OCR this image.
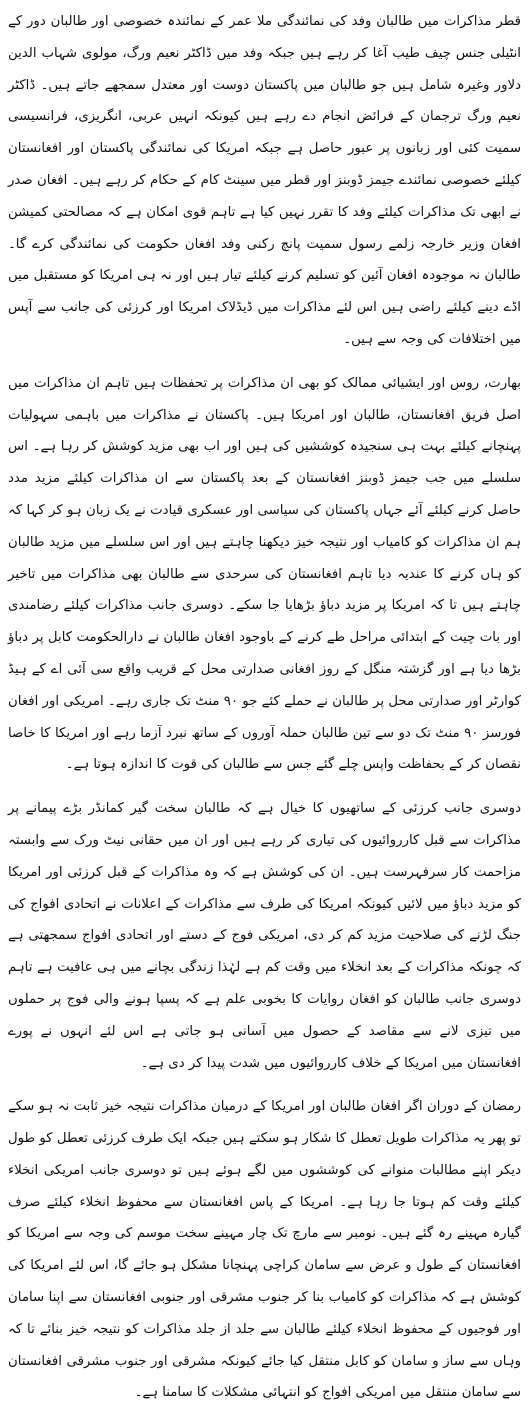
قطر مذاکرات میں طالبان وفد کی نمائندگی ملا عمر کے نمائندہ خصوصی اور طالبان دور کے انٹیلی جنس چیف طیب آغا کر رہے ہیں جبکہ وفد میں ڈاکٹر نعیم ورگ، مولوی شہاب الدین دلاور وغیرہ شامل ہیں جو طالبان میں پاکستان دوست اور معتدل سمجھے جاتے ہیں۔ ڈاکٹر نعیم ورگ ترجمان کے فرائض انجام دے رہے ہیں کیونکہ انہیں عربی، انگریزی، فرانسیسی سمیت کئی اور زبانوں پر عبور حاصل ہے جبکہ امریکا کی نمائندگی پاکستان اور افغانستان کیلئے خصوصی نمائندے جیمز ڈوبنز اور قطر میں سینٹ کام کے حکام کر رہے ہیں۔ افغان صدر نے ابھی تک مذاکرات کیلئے وفد کا تقرر نہیں کیا ہے تاہم قوی امکان ہے کہ مصالحتی کمیشن افغان وزیر خارجہ زلمے رسول سمیت پانچ رکنی وفد افغان حکومت کی نمائندگی کرے گا۔ طالبان نہ موجودہ افغان آئین کو تسلیم کرنے کیلئے تیار ہیں اور نہ ہی امریکا کو مستقبل میں اڈے دینے کیلئے راضی ہیں اس لئے مذاکرات میں ڈیڈلاک امریکا اور کرزئی کی جانب سے آپس میں اختلافات کی وجہ سے ہیں۔

بھارت، روس اور ایشیائی ممالک کو بھی ان مذاکرات پر تحفظات ہیں تاہم ان مذاکرات میں اصل فریق افغانستان، طالبان اور امریکا ہیں۔ پاکستان نے مذاکرات میں باہمی سہولیات پہنچانے کیلئے بہت ہی سنجیدہ کوششیں کی ہیں اور اب بھی مزید کوشش کر رہا ہے۔ اس سلسلے میں جب جیمز ڈوبنز افغانستان کے بعد پاکستان سے ان مذاکرات کیلئے مزید مدد حاصل کرنے کیلئے آئے جہاں پاکستان کی سیاسی اور عسکری قیادت نے یک زبان ہو کر کہا کہ ہم ان مذاکرات کو کامیاب اور نتیجہ خیز دیکھنا چاہتے ہیں اور اس سلسلے میں مزید طالبان کو ہاں کرنے کا عندیہ دیا تاہم افغانستان کی سرحدی سے طالبان بھی مذاکرات میں تاخیر چاہتے ہیں تا کہ امریکا پر مزید دباؤ بڑھایا جا سکے۔ دوسری جانب مذاکرات کیلئے رضامندی اور بات چیت کے ابتدائی مراحل طے کرنے کے باوجود افغان طالبان نے دارالحکومت کابل پر دباؤ بڑھا دیا ہے اور گزشتہ منگل کے روز افغانی صدارتی محل کے قریب واقع سی آئی اے کے ہیڈ کوارٹر اور صدارتی محل پر طالبان نے حملے کئے جو ۹۰ منٹ تک جاری رہے۔ امریکی اور افغان فورسز ۹۰ منٹ تک دو سے تین طالبان حملہ آوروں کے ساتھ نبرد آزما رہے اور امریکا کا خاصا نقصان کر کے بحفاظت واپس چلے گئے جس سے طالبان کی قوت کا اندازہ ہوتا ہے۔

دوسری جانب کرزئی کے ساتھیوں کا خیال ہے کہ طالبان سخت گیر کمانڈر بڑے پیمانے پر مذاکرات سے قبل کارروائیوں کی تیاری کر رہے ہیں اور ان میں حقانی نیٹ ورک سے وابستہ مزاحمت کار سرفہرست ہیں۔ ان کی کوشش ہے کہ وہ مذاکرات کے قبل کرزئی اور امریکا کو مزید دباؤ میں لائیں کیونکہ امریکا کی طرف سے مذاکرات کے اعلانات نے اتحادی افواج کی جنگ لڑنے کی صلاحیت مزید کم کر دی، امریکی فوج کے دستے اور اتحادی افواج سمجھتی ہے کہ چونکہ مذاکرات کے بعد انخلاء میں وقت کم ہے لہٰذا زندگی بچانے میں ہی عافیت ہے تاہم دوسری جانب طالبان کو افغان روایات کا بخوبی علم ہے کہ پسپا ہونے والی فوج پر حملوں میں تیزی لانے سے مقاصد کے حصول میں آسانی ہو جاتی ہے اس لئے انہوں نے پورے افغانستان میں امریکا کے خلاف کارروائیوں میں شدت پیدا کر دی ہے۔

رمضان کے دوران اگر افغان طالبان اور امریکا کے درمیان مذاکرات نتیجہ خیز ثابت نہ ہو سکے تو پھر یہ مذاکرات طویل تعطل کا شکار ہو سکتے ہیں جبکہ ایک طرف کرزئی تعطل کو طول دیکر اپنے مطالبات منوانے کی کوششوں میں لگے ہوئے ہیں تو دوسری جانب امریکی انخلاء کیلئے وقت کم ہوتا جا رہا ہے۔ امریکا کے پاس افغانستان سے محفوظ انخلاء کیلئے صرف گیارہ مہینے رہ گئے ہیں۔ نومبر سے مارچ تک چار مہینے سخت موسم کی وجہ سے امریکا کو افغانستان کے طول و عرض سے سامان کراچی پہنچانا مشکل ہو جائے گا، اس لئے امریکا کی کوشش ہے کہ مذاکرات کو کامیاب بنا کر جنوب مشرقی اور جنوبی افغانستان سے اپنا سامان اور فوجیوں کے محفوظ انخلاء کیلئے طالبان سے جلد از جلد مذاکرات کو نتیجہ خیز بنائے تا کہ وہاں سے ساز و سامان کو کابل منتقل کیا جائے کیونکہ مشرقی اور جنوب مشرقی افغانستان سے سامان منتقل میں امریکی افواج کو انتہائی مشکلات کا سامنا ہے۔
